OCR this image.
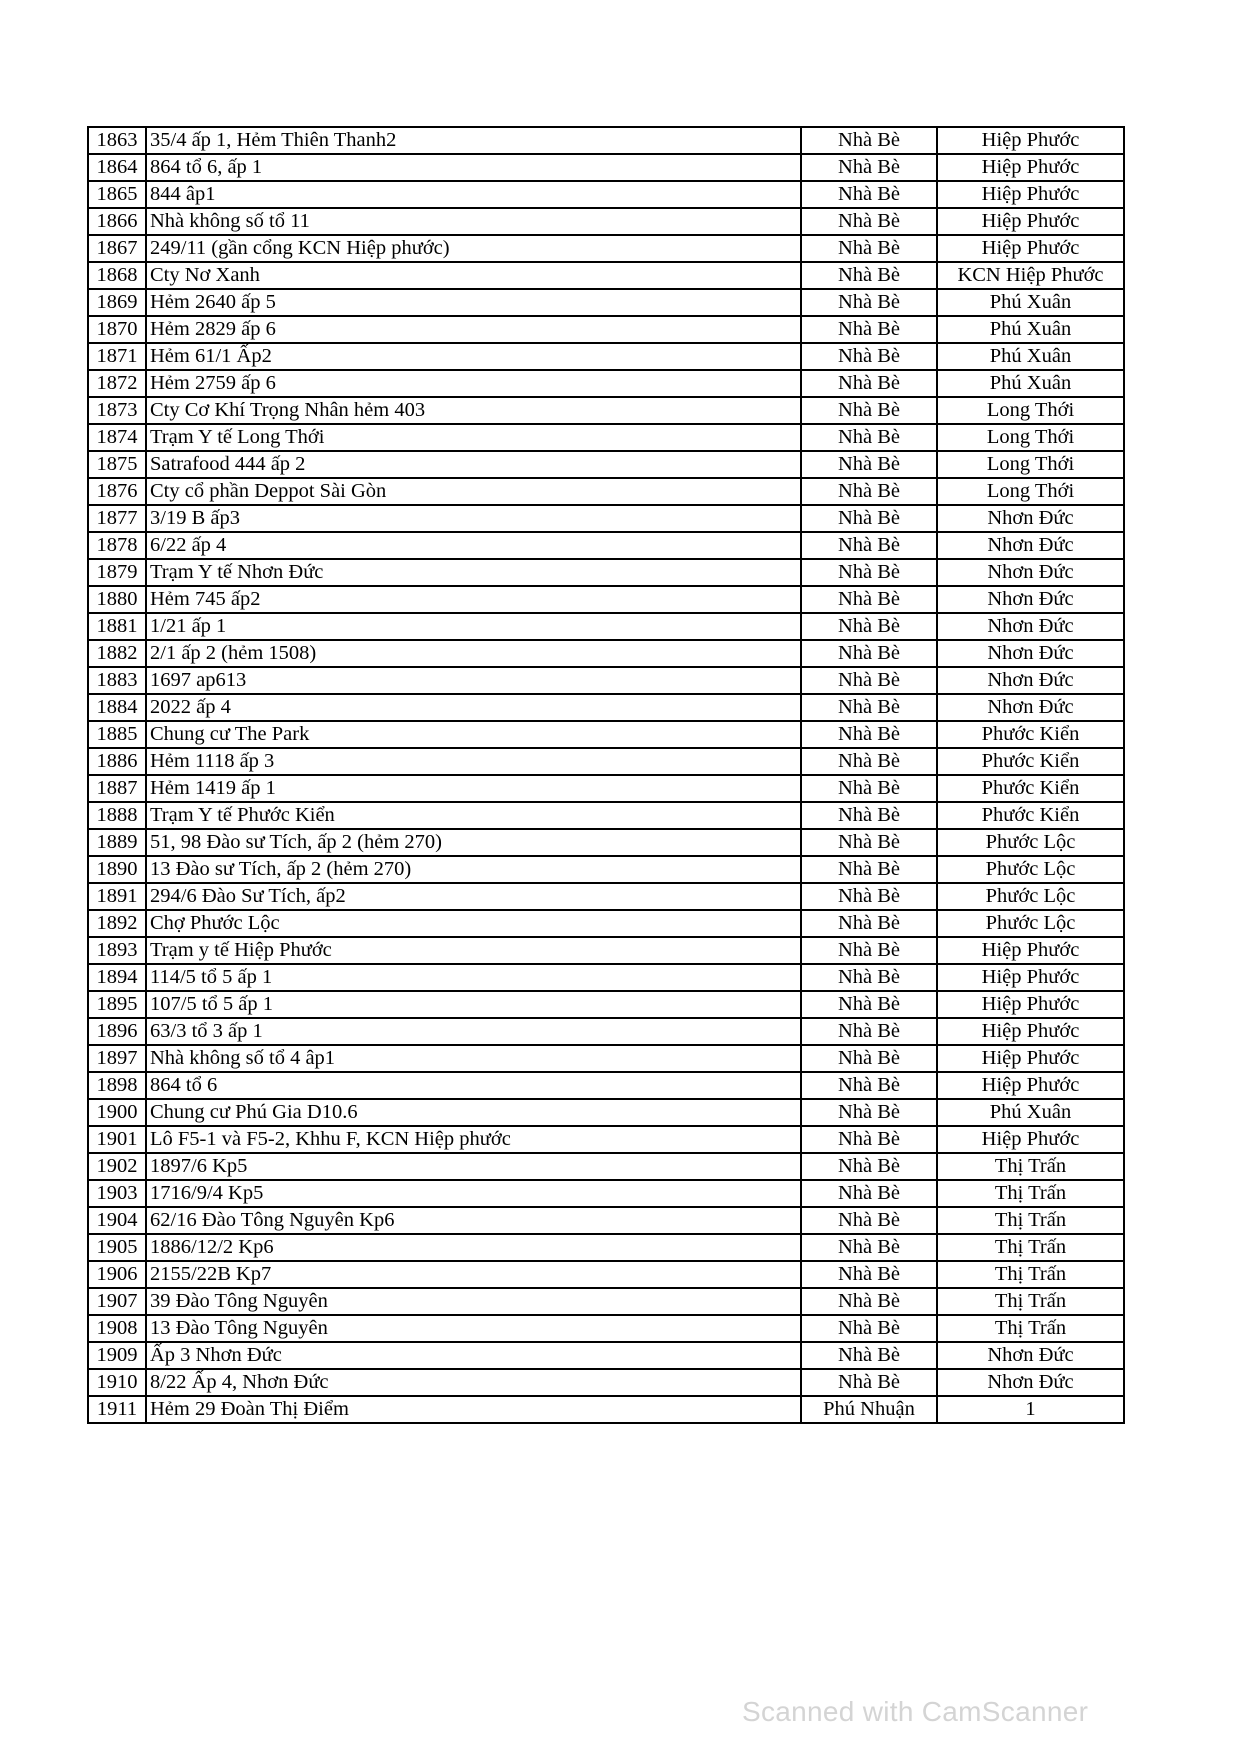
1863	35/4 ấp 1, Hẻm Thiên Thanh2		Nhà Bè	Hiệp Phước
1864	864 tổ 6, ấp 1		Nhà Bè	Hiệp Phước
1865	844 âp1		Nhà Bè	Hiệp Phước
1866	Nhà không số tổ 11		Nhà Bè	Hiệp Phước
1867	249/11 (gần cổng KCN Hiệp phước)		Nhà Bè	Hiệp Phước
1868	Cty Nơ Xanh		Nhà Bè	KCN Hiệp Phước
1869	Hẻm 2640 ấp 5		Nhà Bè	Phú Xuân
1870	Hẻm 2829 ấp 6		Nhà Bè	Phú Xuân
1871	Hẻm 61/1 Ấp2		Nhà Bè	Phú Xuân
1872	Hẻm 2759 ấp 6		Nhà Bè	Phú Xuân
1873	Cty Cơ Khí Trọng Nhân hẻm 403		Nhà Bè	Long Thới
1874	Trạm Y tế Long Thới		Nhà Bè	Long Thới
1875	Satrafood 444 ấp 2		Nhà Bè	Long Thới
1876	Cty cổ phần Deppot Sài Gòn		Nhà Bè	Long Thới
1877	3/19 B ấp3		Nhà Bè	Nhơn Đức
1878	6/22 ấp 4		Nhà Bè	Nhơn Đức
1879	Trạm Y tế Nhơn Đức		Nhà Bè	Nhơn Đức
1880	Hẻm 745 ấp2		Nhà Bè	Nhơn Đức
1881	1/21 ấp 1		Nhà Bè	Nhơn Đức
1882	2/1 ấp 2 (hẻm 1508)		Nhà Bè	Nhơn Đức
1883	1697 ap613		Nhà Bè	Nhơn Đức
1884	2022 ấp 4		Nhà Bè	Nhơn Đức
1885	Chung cư The Park		Nhà Bè	Phước Kiển
1886	Hẻm 1118 ấp 3		Nhà Bè	Phước Kiển
1887	Hẻm 1419 ấp 1		Nhà Bè	Phước Kiển
1888	Trạm Y tế Phước Kiển		Nhà Bè	Phước Kiển
1889	51, 98 Đào sư Tích, ấp 2 (hẻm 270)		Nhà Bè	Phước Lộc
1890	13 Đào sư Tích, ấp 2 (hẻm 270)		Nhà Bè	Phước Lộc
1891	294/6 Đào Sư Tích, ấp2		Nhà Bè	Phước Lộc
1892	Chợ Phước Lộc		Nhà Bè	Phước Lộc
1893	Trạm y tế Hiệp Phước		Nhà Bè	Hiệp Phước
1894	114/5 tổ 5 ấp 1		Nhà Bè	Hiệp Phước
1895	107/5 tổ 5 ấp 1		Nhà Bè	Hiệp Phước
1896	63/3 tổ 3 ấp 1		Nhà Bè	Hiệp Phước
1897	Nhà không số tổ 4 âp1		Nhà Bè	Hiệp Phước
1898	864 tổ 6		Nhà Bè	Hiệp Phước
1900	Chung cư Phú Gia D10.6		Nhà Bè	Phú Xuân
1901	Lô F5-1 và F5-2, Khhu F, KCN Hiệp phước		Nhà Bè	Hiệp Phước
1902	1897/6 Kp5		Nhà Bè	Thị Trấn
1903	1716/9/4 Kp5		Nhà Bè	Thị Trấn
1904	62/16 Đào Tông Nguyên Kp6		Nhà Bè	Thị Trấn
1905	1886/12/2 Kp6		Nhà Bè	Thị Trấn
1906	2155/22B Kp7		Nhà Bè	Thị Trấn
1907	39 Đào Tông Nguyên		Nhà Bè	Thị Trấn
1908	13 Đào Tông Nguyên		Nhà Bè	Thị Trấn
1909	Ấp 3 Nhơn Đức		Nhà Bè	Nhơn Đức
1910	8/22 Ấp 4, Nhơn Đức		Nhà Bè	Nhơn Đức
1911	Hẻm 29 Đoàn Thị Điểm		Phú Nhuận	1
Scanned with CamScanner
